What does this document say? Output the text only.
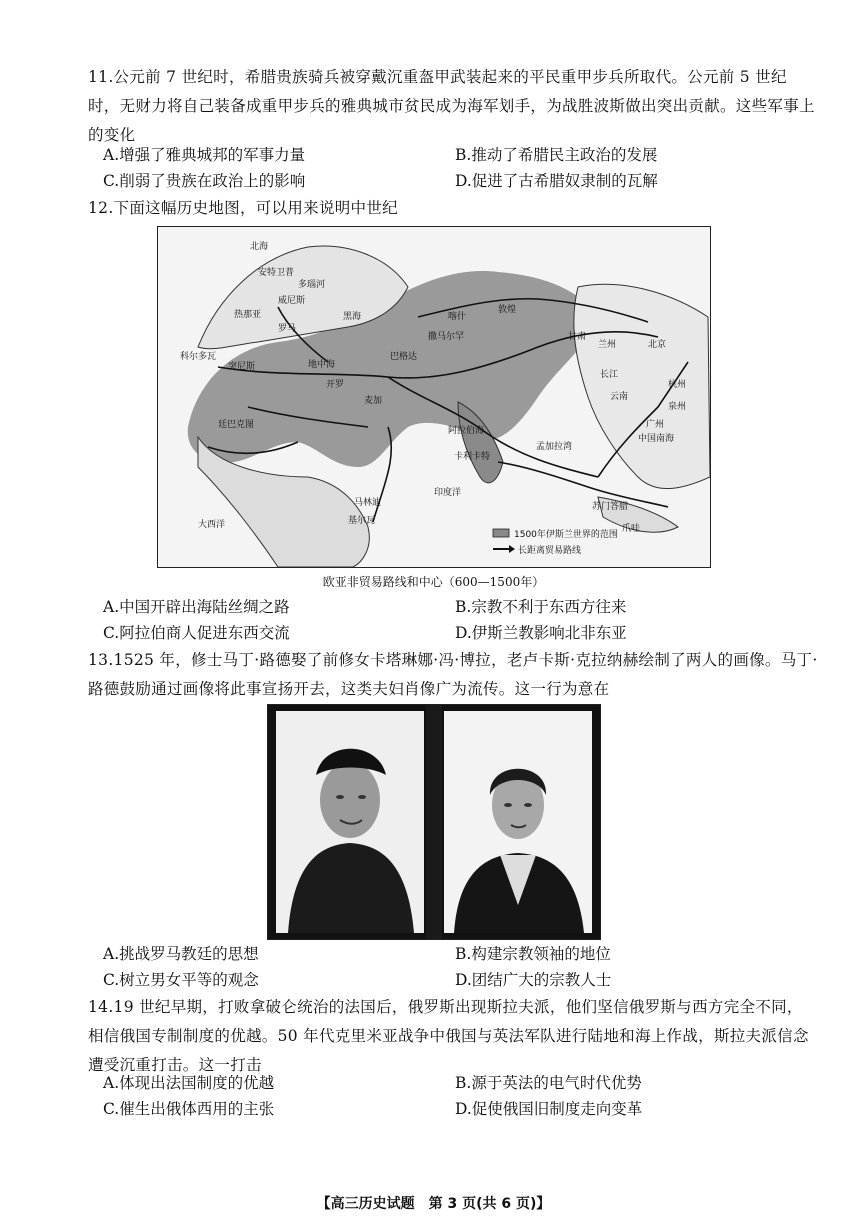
11.公元前 7 世纪时，希腊贵族骑兵被穿戴沉重盔甲武装起来的平民重甲步兵所取代。公元前 5 世纪时，无财力将自己装备成重甲步兵的雅典城市贫民成为海军划手，为战胜波斯做出突出贡献。这些军事上的变化
A.增强了雅典城邦的军事力量	B.推动了希腊民主政治的发展
C.削弱了贵族在政治上的影响	D.促进了古希腊奴隶制的瓦解
12.下面这幅历史地图，可以用来说明中世纪
1500年伊斯兰世界的范围
长距离贸易路线
北海
安特卫普
多瑙河
威尼斯
热那亚
罗马
地中海
黑海
开罗
巴格达
撒马尔罕
喀什
敦煌
甘肃
兰州	北京
杭州
泉州
广州
云南
长江
卡利卡特
阿拉伯海
孟加拉湾
印度洋
大西洋	基尔瓦
马林迪
爪哇
中国南海
苏门答腊
科尔多瓦
突尼斯
廷巴克图
麦加
欧亚非贸易路线和中心（600—1500年）
A.中国开辟出海陆丝绸之路	B.宗教不利于东西方往来
C.阿拉伯商人促进东西交流	D.伊斯兰教影响北非东亚
13.1525 年，修士马丁·路德娶了前修女卡塔琳娜·冯·博拉，老卢卡斯·克拉纳赫绘制了两人的画像。马丁·路德鼓励通过画像将此事宣扬开去，这类夫妇肖像广为流传。这一行为意在
A.挑战罗马教廷的思想	B.构建宗教领袖的地位
C.树立男女平等的观念	D.团结广大的宗教人士
14.19 世纪早期，打败拿破仑统治的法国后，俄罗斯出现斯拉夫派，他们坚信俄罗斯与西方完全不同，相信俄国专制制度的优越。50 年代克里米亚战争中俄国与英法军队进行陆地和海上作战，斯拉夫派信念遭受沉重打击。这一打击
A.体现出法国制度的优越	B.源于英法的电气时代优势
C.催生出俄体西用的主张	D.促使俄国旧制度走向变革
【高三历史试题　第 3 页(共 6 页)】
